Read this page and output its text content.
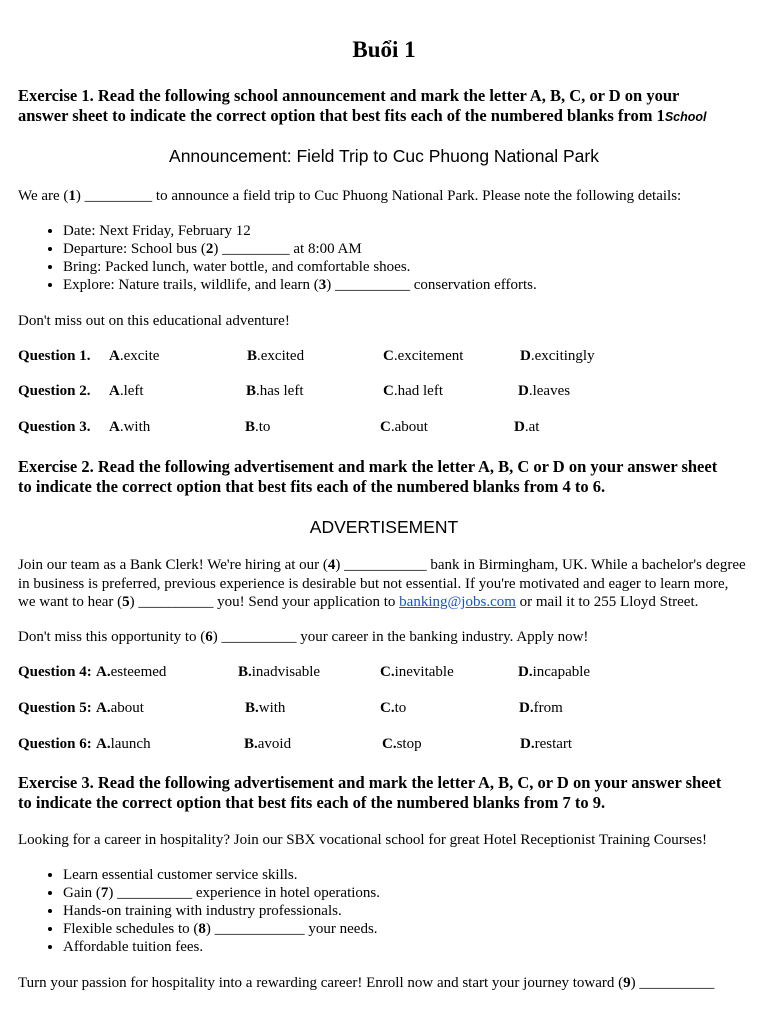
Buổi 1
Exercise 1. Read the following school announcement and mark the letter A, B, C, or D on your
answer sheet to indicate the correct option that best fits each of the numbered blanks from 1School
Announcement: Field Trip to Cuc Phuong National Park
We are (1) _________ to announce a field trip to Cuc Phuong National Park. Please note the following details:
• Date: Next Friday, February 12
• Departure: School bus (2) _________ at 8:00 AM
• Bring: Packed lunch, water bottle, and comfortable shoes.
• Explore: Nature trails, wildlife, and learn (3) __________ conservation efforts.
Don't miss out on this educational adventure!
Question 1. A. excite	B. excited	C. excitement	D. excitingly
Question 2. A. left	B. has left	C. had left	D. leaves
Question 3. A. with	B. to	C. about	D. at
Exercise 2. Read the following advertisement and mark the letter A, B, C or D on your answer sheet
to indicate the correct option that best fits each of the numbered blanks from 4 to 6.
ADVERTISEMENT
Join our team as a Bank Clerk! We're hiring at our (4) ___________ bank in Birmingham, UK. While a bachelor's degree
in business is preferred, previous experience is desirable but not essential. If you're motivated and eager to learn more,
we want to hear (5) __________ you! Send your application to banking@jobs.com or mail it to 255 Lloyd Street.
Don't miss this opportunity to (6) __________ your career in the banking industry. Apply now!
Question 4: A. esteemed	B. inadvisable	C. inevitable	D. incapable
Question 5: A. about	B. with	C. to	D. from
Question 6: A. launch	B. avoid	C. stop	D. restart
Exercise 3. Read the following advertisement and mark the letter A, B, C, or D on your answer sheet
to indicate the correct option that best fits each of the numbered blanks from 7 to 9.
Looking for a career in hospitality? Join our SBX vocational school for great Hotel Receptionist Training Courses!
• Learn essential customer service skills.
• Gain (7) __________ experience in hotel operations.
• Hands-on training with industry professionals.
• Flexible schedules to (8) ____________ your needs.
• Affordable tuition fees.
Turn your passion for hospitality into a rewarding career! Enroll now and start your journey toward (9) __________
